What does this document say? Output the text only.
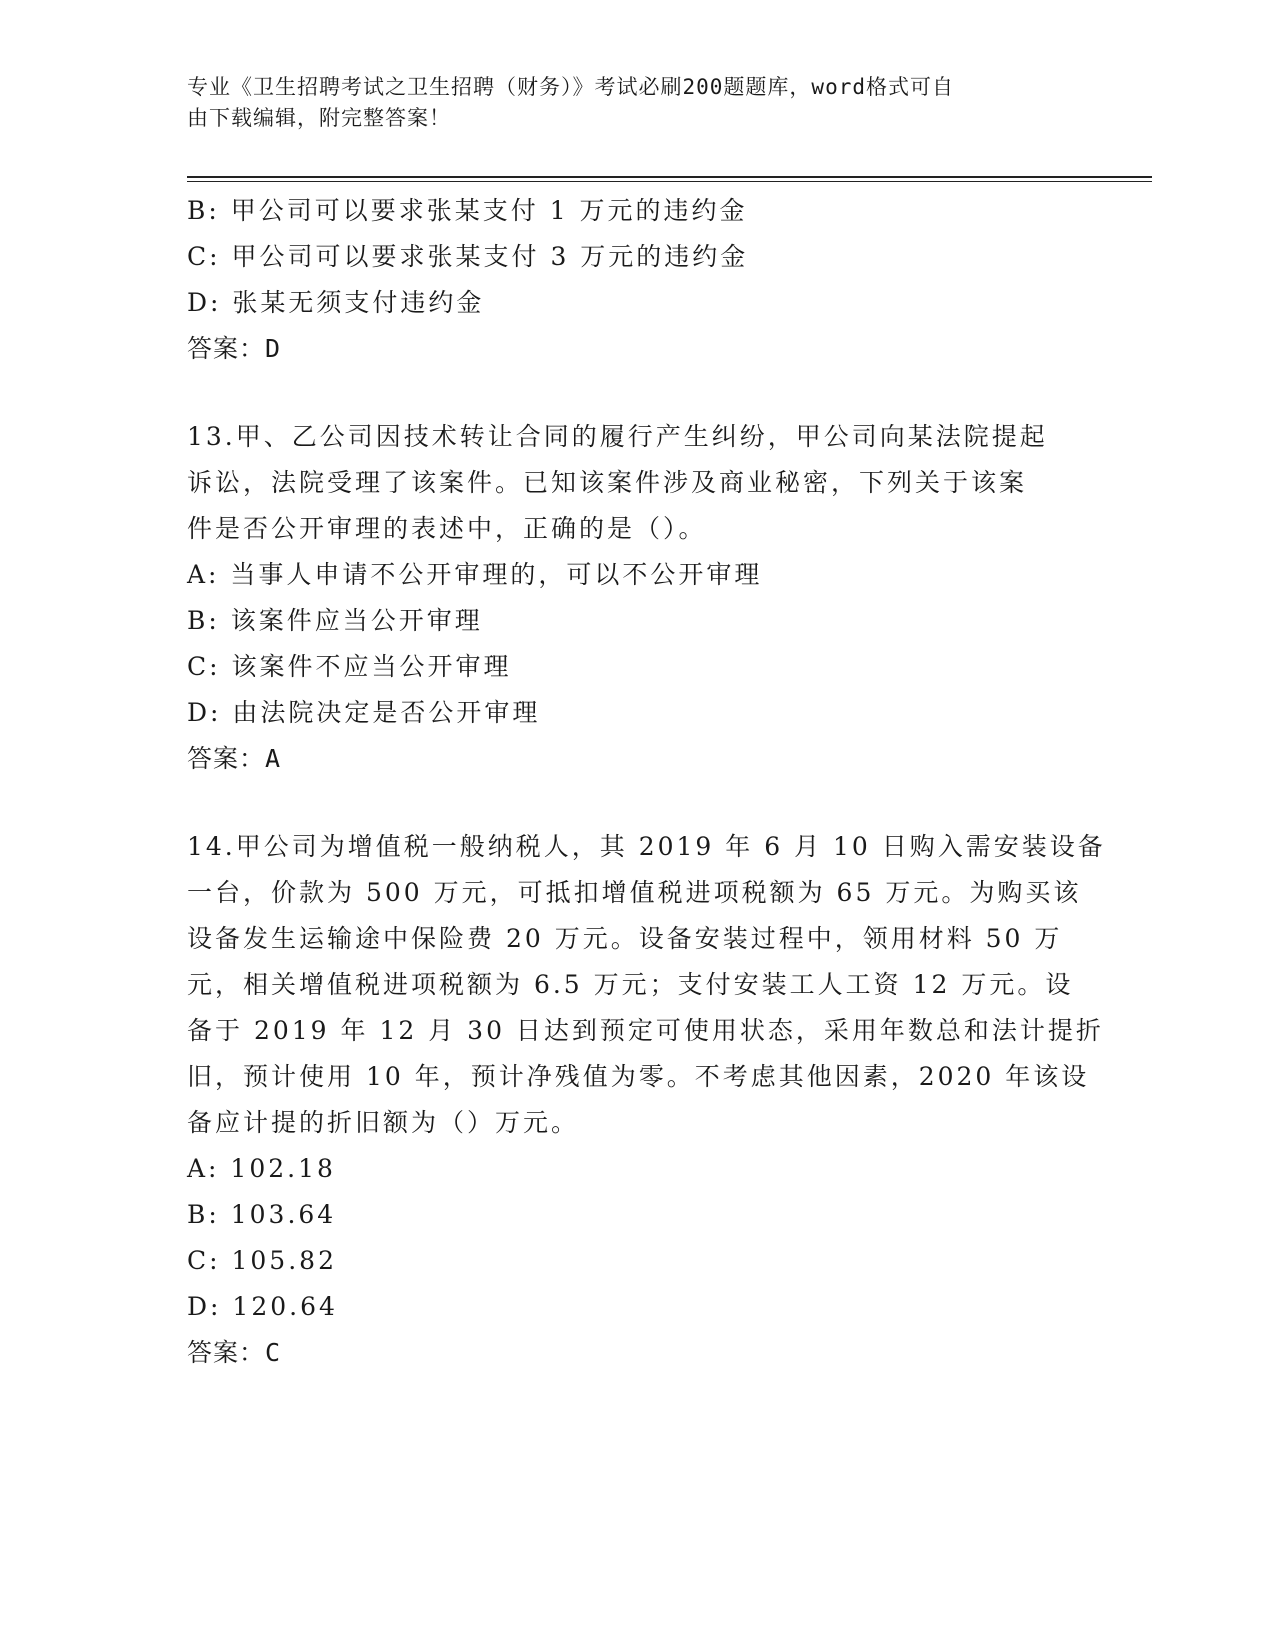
专业《卫生招聘考试之卫生招聘（财务）》考试必刷200题题库，word格式可自
由下载编辑，附完整答案！
B: 甲公司可以要求张某支付 1 万元的违约金
C: 甲公司可以要求张某支付 3 万元的违约金
D: 张某无须支付违约金
答案：D
13.甲、乙公司因技术转让合同的履行产生纠纷，甲公司向某法院提起
诉讼，法院受理了该案件。已知该案件涉及商业秘密，下列关于该案
件是否公开审理的表述中，正确的是（）。
A: 当事人申请不公开审理的，可以不公开审理
B: 该案件应当公开审理
C: 该案件不应当公开审理
D: 由法院决定是否公开审理
答案：A
14.甲公司为增值税一般纳税人，其 2019 年 6 月 10 日购入需安装设备
一台，价款为 500 万元，可抵扣增值税进项税额为 65 万元。为购买该
设备发生运输途中保险费 20 万元。设备安装过程中，领用材料 50 万
元，相关增值税进项税额为 6.5 万元；支付安装工人工资 12 万元。设
备于 2019 年 12 月 30 日达到预定可使用状态，采用年数总和法计提折
旧，预计使用 10 年，预计净残值为零。不考虑其他因素，2020 年该设
备应计提的折旧额为（）万元。
A: 102.18
B: 103.64
C: 105.82
D: 120.64
答案：C
